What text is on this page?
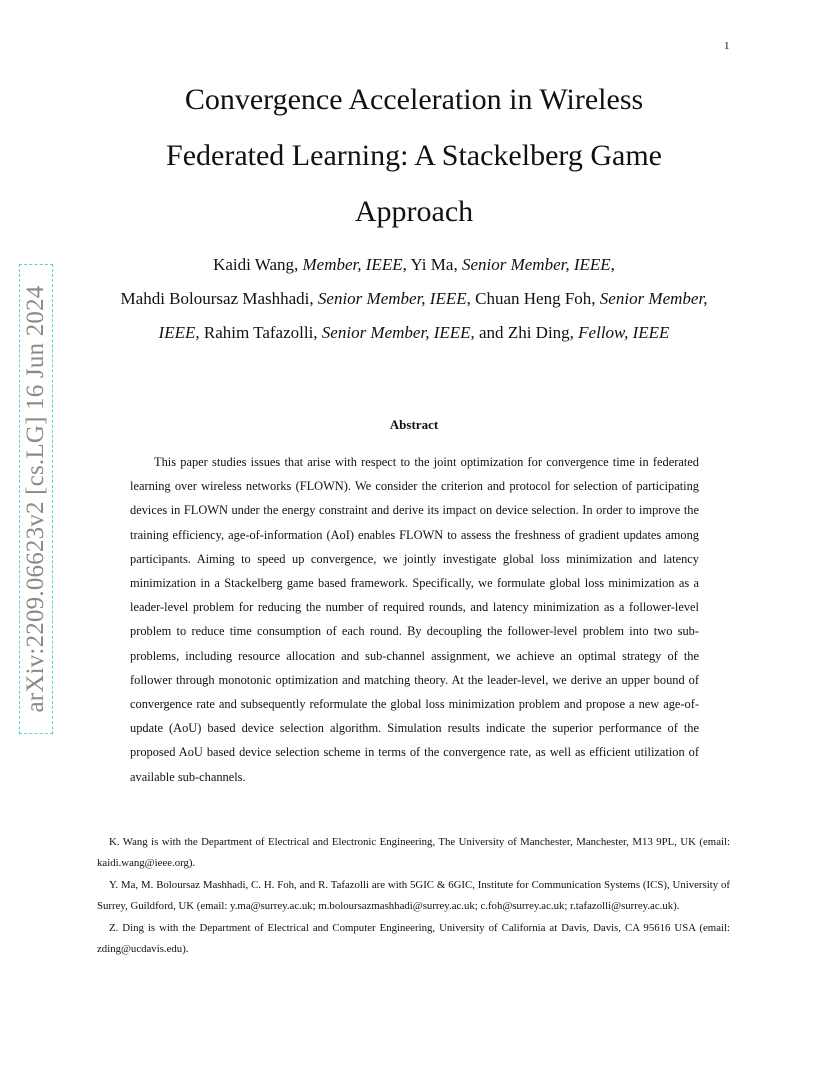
1
arXiv:2209.06623v2 [cs.LG] 16 Jun 2024
Convergence Acceleration in Wireless
Federated Learning: A Stackelberg Game
Approach
Kaidi Wang, Member, IEEE, Yi Ma, Senior Member, IEEE,
Mahdi Boloursaz Mashhadi, Senior Member, IEEE, Chuan Heng Foh, Senior Member, IEEE, Rahim Tafazolli, Senior Member, IEEE, and Zhi Ding, Fellow, IEEE
Abstract

This paper studies issues that arise with respect to the joint optimization for convergence time in federated learning over wireless networks (FLOWN). We consider the criterion and protocol for selection of participating devices in FLOWN under the energy constraint and derive its impact on device selection. In order to improve the training efficiency, age-of-information (AoI) enables FLOWN to assess the freshness of gradient updates among participants. Aiming to speed up convergence, we jointly investigate global loss minimization and latency minimization in a Stackelberg game based framework. Specifically, we formulate global loss minimization as a leader-level problem for reducing the number of required rounds, and latency minimization as a follower-level problem to reduce time consumption of each round. By decoupling the follower-level problem into two sub-problems, including resource allocation and sub-channel assignment, we achieve an optimal strategy of the follower through monotonic optimization and matching theory. At the leader-level, we derive an upper bound of convergence rate and subsequently reformulate the global loss minimization problem and propose a new age-of-update (AoU) based device selection algorithm. Simulation results indicate the superior performance of the proposed AoU based device selection scheme in terms of the convergence rate, as well as efficient utilization of available sub-channels.

K. Wang is with the Department of Electrical and Electronic Engineering, The University of Manchester, Manchester, M13 9PL, UK (email: kaidi.wang@ieee.org).

Y. Ma, M. Boloursaz Mashhadi, C. H. Foh, and R. Tafazolli are with 5GIC & 6GIC, Institute for Communication Systems (ICS), University of Surrey, Guildford, UK (email: y.ma@surrey.ac.uk; m.boloursazmashhadi@surrey.ac.uk; c.foh@surrey.ac.uk; r.tafazolli@surrey.ac.uk).

Z. Ding is with the Department of Electrical and Computer Engineering, University of California at Davis, Davis, CA 95616 USA (email: zding@ucdavis.edu).
